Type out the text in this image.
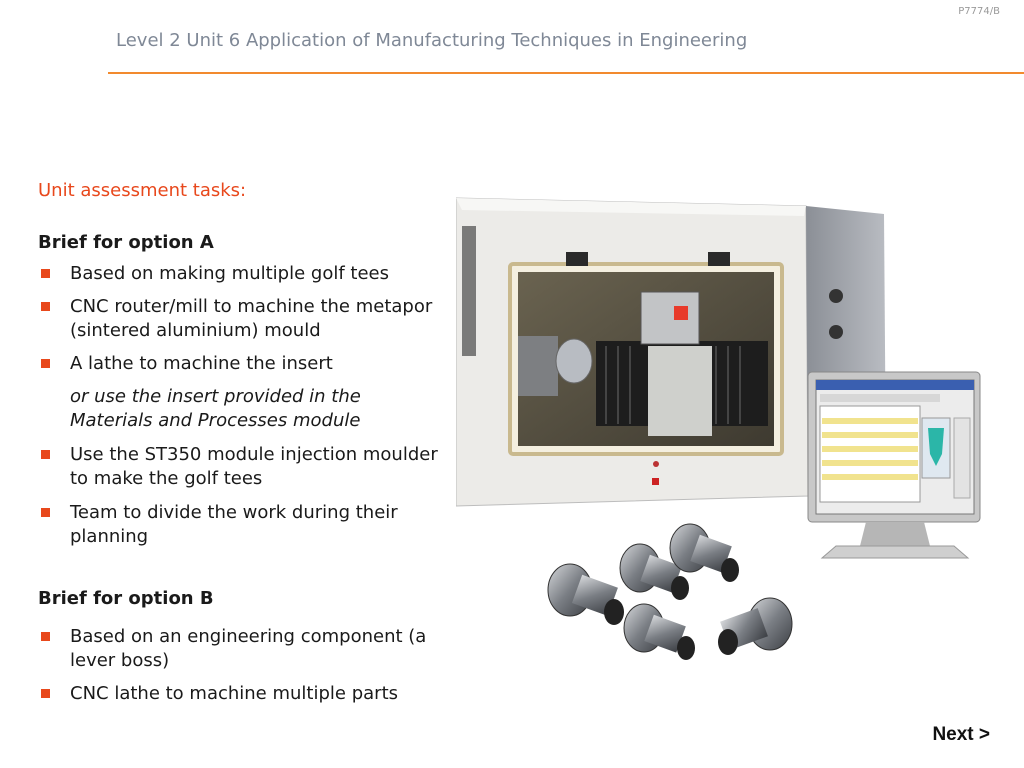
P7774/B
Level 2 Unit 6 Application of Manufacturing Techniques in Engineering
Unit assessment tasks:
Brief for option A
Based on making multiple golf tees
CNC router/mill to machine the metapor (sintered aluminium) mould
A lathe to machine the insert
or use the insert provided in the Materials and Processes module
Use the ST350 module injection moulder to make the golf tees
Team to divide the work during their planning
Brief for option B
Based on an engineering component (a lever boss)
CNC lathe to machine multiple parts
Next >
